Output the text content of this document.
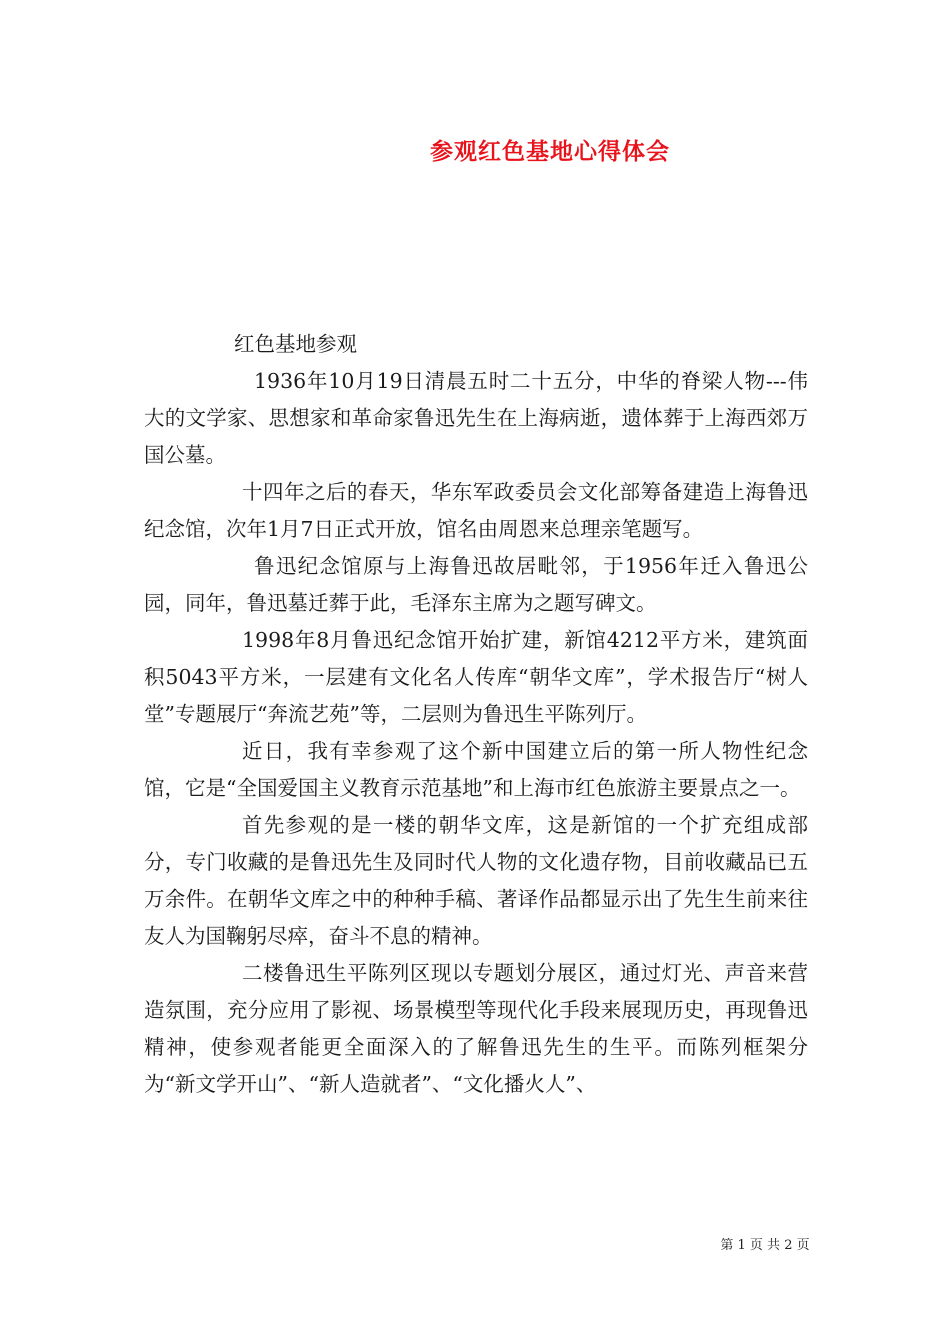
参观红色基地心得体会

红色基地参观

1936年10月19日清晨五时二十五分，中华的脊梁人物---伟大的文学家、思想家和革命家鲁迅先生在上海病逝，遗体葬于上海西郊万国公墓。

十四年之后的春天，华东军政委员会文化部筹备建造上海鲁迅纪念馆，次年1月7日正式开放，馆名由周恩来总理亲笔题写。

鲁迅纪念馆原与上海鲁迅故居毗邻，于1956年迁入鲁迅公园，同年，鲁迅墓迁葬于此，毛泽东主席为之题写碑文。

1998年8月鲁迅纪念馆开始扩建，新馆4212平方米，建筑面积5043平方米，一层建有文化名人传库“朝华文库”，学术报告厅“树人堂”专题展厅“奔流艺苑”等，二层则为鲁迅生平陈列厅。

近日，我有幸参观了这个新中国建立后的第一所人物性纪念馆，它是“全国爱国主义教育示范基地”和上海市红色旅游主要景点之一。

首先参观的是一楼的朝华文库，这是新馆的一个扩充组成部分，专门收藏的是鲁迅先生及同时代人物的文化遗存物，目前收藏品已五万余件。在朝华文库之中的种种手稿、著译作品都显示出了先生生前来往友人为国鞠躬尽瘁，奋斗不息的精神。

二楼鲁迅生平陈列区现以专题划分展区，通过灯光、声音来营造氛围，充分应用了影视、场景模型等现代化手段来展现历史，再现鲁迅精神，使参观者能更全面深入的了解鲁迅先生的生平。而陈列框架分为“新文学开山”、“新人造就者”、“文化播火人”、

第 1 页 共 2 页
